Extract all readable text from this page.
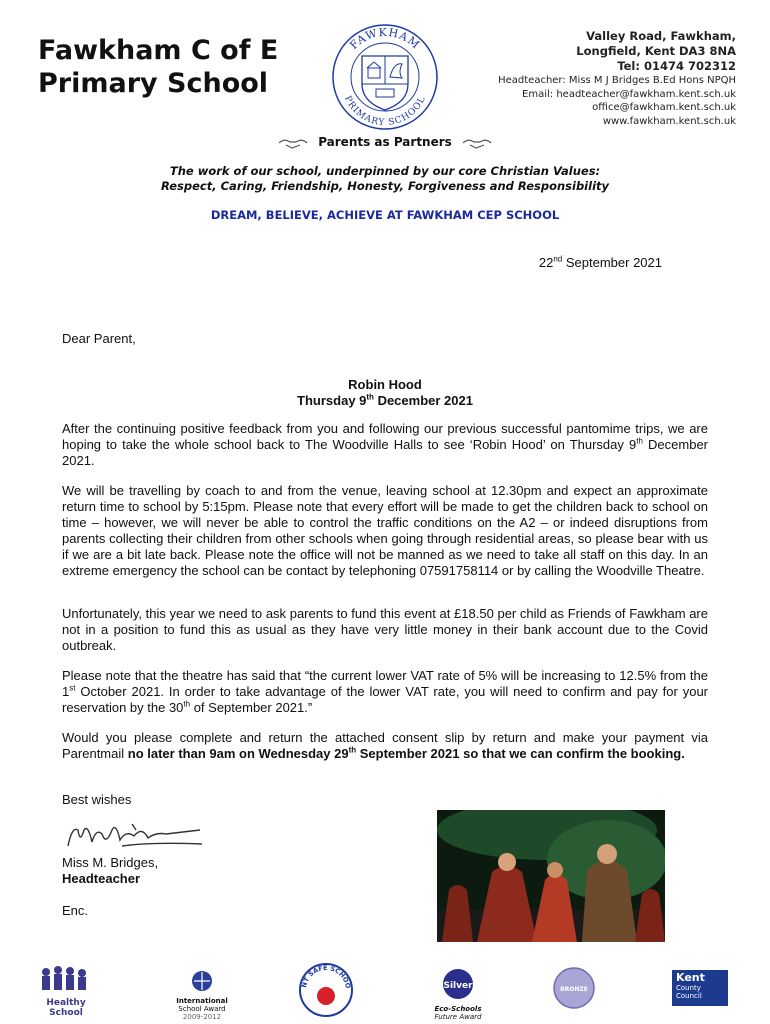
Fawkham C of E
Primary School
FAWKHAM
PRIMARY SCHOOL
Valley Road, Fawkham,
Longfield, Kent DA3 8NA
Tel: 01474 702312
Headteacher: Miss M J Bridges B.Ed Hons NPQH
Email: headteacher@fawkham.kent.sch.uk
office@fawkham.kent.sch.uk
www.fawkham.kent.sch.uk
Parents as Partners
The work of our school, underpinned by our core Christian Values:
Respect, Caring, Friendship, Honesty, Forgiveness and Responsibility
DREAM, BELIEVE, ACHIEVE AT FAWKHAM CEP SCHOOL
22nd September 2021
Dear Parent,
Robin Hood
Thursday 9th December 2021
After the continuing positive feedback from you and following our previous successful pantomime trips, we are hoping to take the whole school back to The Woodville Halls to see ‘Robin Hood’ on Thursday 9th December 2021.
We will be travelling by coach to and from the venue, leaving school at 12.30pm and expect an approximate return time to school by 5:15pm. Please note that every effort will be made to get the children back to school on time – however, we will never be able to control the traffic conditions on the A2 – or indeed disruptions from parents collecting their children from other schools when going through residential areas, so please bear with us if we are a bit late back. Please note the office will not be manned as we need to take all staff on this day. In an extreme emergency the school can be contact by telephoning 07591758114 or by calling the Woodville Theatre.
Unfortunately, this year we need to ask parents to fund this event at £18.50 per child as Friends of Fawkham are not in a position to fund this as usual as they have very little money in their bank account due to the Covid outbreak.
Please note that the theatre has said that “the current lower VAT rate of 5% will be increasing to 12.5% from the 1st October 2021. In order to take advantage of the lower VAT rate, you will need to confirm and pay for your reservation by the 30th of September 2021.”
Would you please complete and return the attached consent slip by return and make your payment via Parentmail no later than 9am on Wednesday 29th September 2021 so that we can confirm the booking.
Best wishes
Miss M. Bridges,
Headteacher
Enc.
Healthy School
International
School Award
2009-2012
NT SAFE SCHOO	Silver
Eco-Schools
Future Award
BRONZE
Kent
County
Council
